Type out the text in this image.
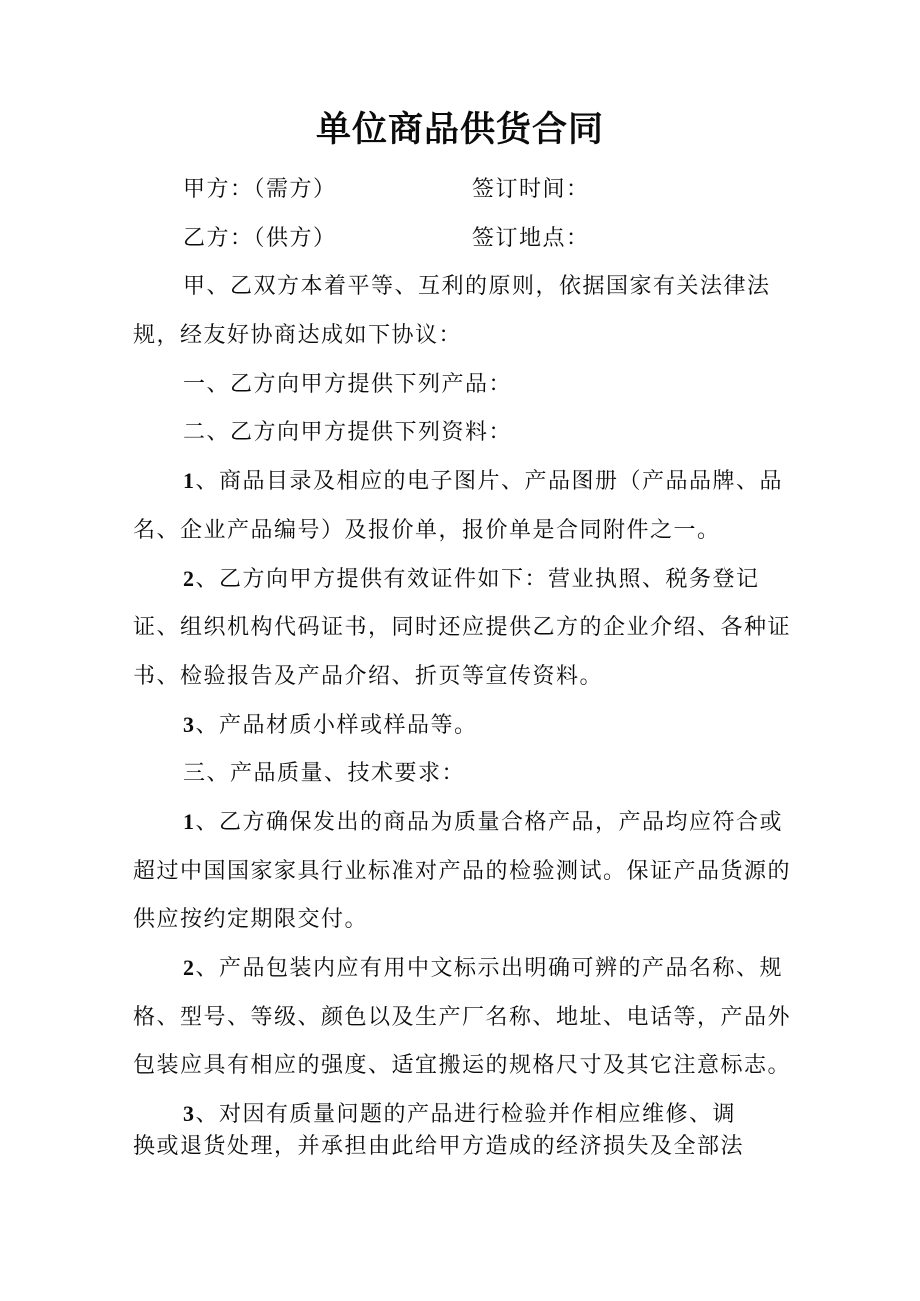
单位商品供货合同
甲方：（需方）	签订时间：
乙方：（供方）	签订地点：
甲、乙双方本着平等、互利的原则，依据国家有关法律法
规，经友好协商达成如下协议：
一、乙方向甲方提供下列产品：
二、乙方向甲方提供下列资料：
1、商品目录及相应的电子图片、产品图册（产品品牌、品
名、企业产品编号）及报价单，报价单是合同附件之一。
2、乙方向甲方提供有效证件如下：营业执照、税务登记
证、组织机构代码证书，同时还应提供乙方的企业介绍、各种证
书、检验报告及产品介绍、折页等宣传资料。
3、产品材质小样或样品等。
三、产品质量、技术要求：
1、乙方确保发出的商品为质量合格产品，产品均应符合或
超过中国国家家具行业标准对产品的检验测试。保证产品货源的
供应按约定期限交付。
2、产品包装内应有用中文标示出明确可辨的产品名称、规
格、型号、等级、颜色以及生产厂名称、地址、电话等，产品外
包装应具有相应的强度、适宜搬运的规格尺寸及其它注意标志。
3、对因有质量问题的产品进行检验并作相应维修、调
换或退货处理，并承担由此给甲方造成的经济损失及全部法
